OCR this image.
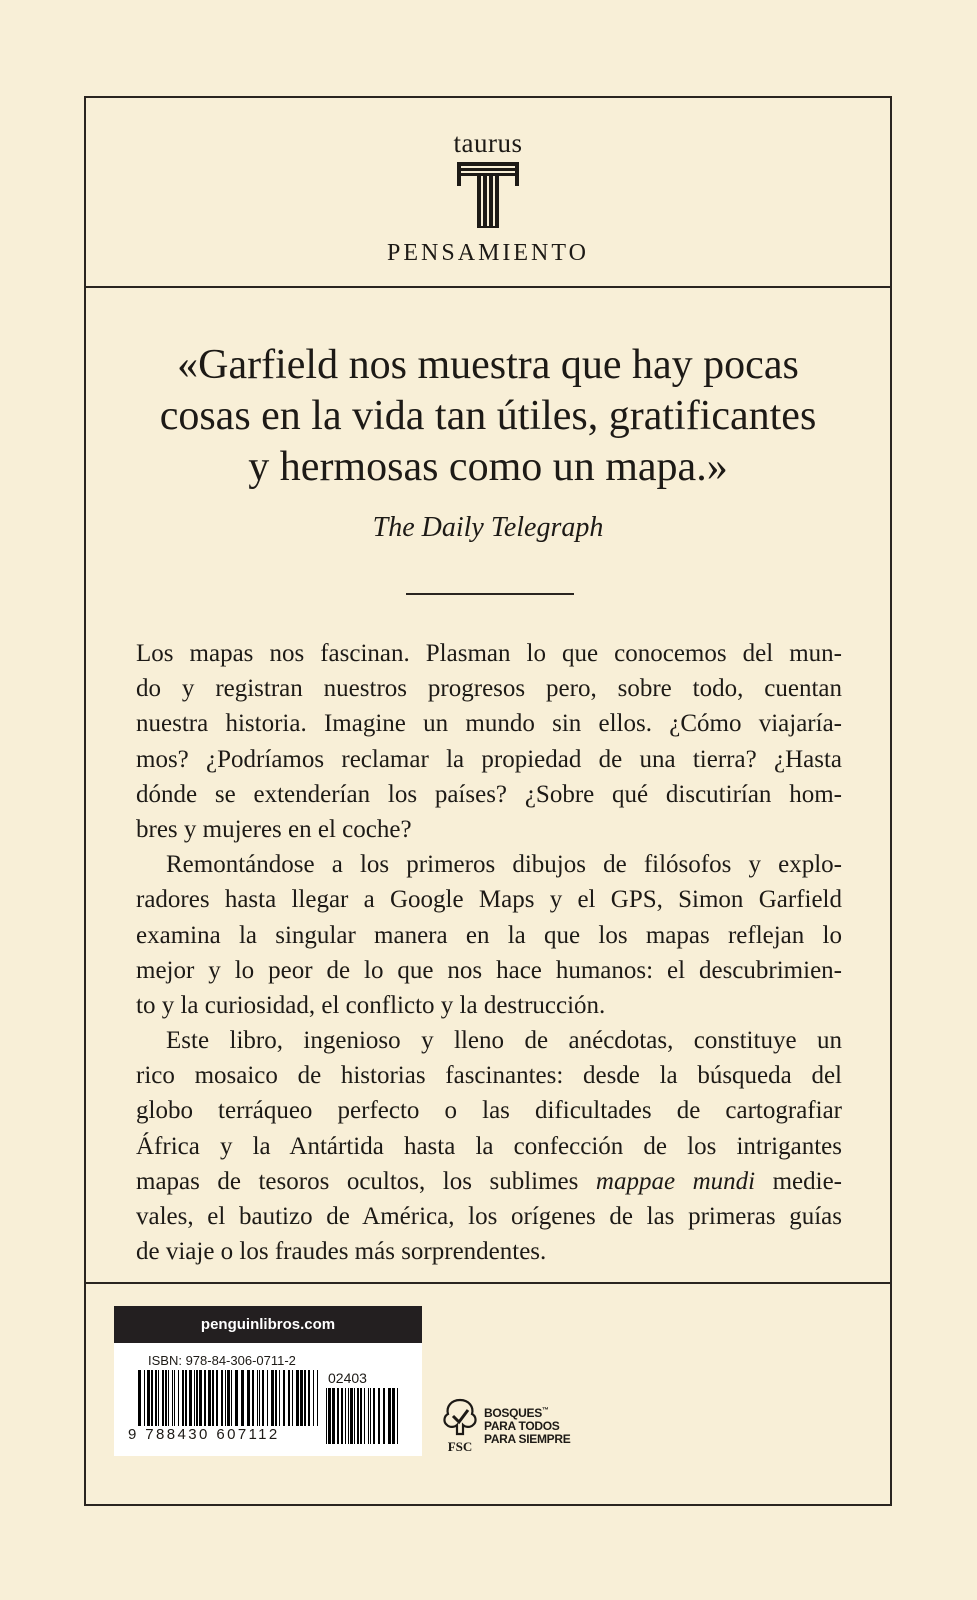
taurus
PENSAMIENTO
«Garfield nos muestra que hay pocas
cosas en la vida tan útiles, gratificantes
y hermosas como un mapa.»
The Daily Telegraph

Los mapas nos fascinan. Plasman lo que conocemos del mun-
do y registran nuestros progresos pero, sobre todo, cuentan
nuestra historia. Imagine un mundo sin ellos. ¿Cómo viajaría-
mos? ¿Podríamos reclamar la propiedad de una tierra? ¿Hasta
dónde se extenderían los países? ¿Sobre qué discutirían hom-
bres y mujeres en el coche?

Remontándose a los primeros dibujos de filósofos y explo-
radores hasta llegar a Google Maps y el GPS, Simon Garfield
examina la singular manera en la que los mapas reflejan lo
mejor y lo peor de lo que nos hace humanos: el descubrimien-
to y la curiosidad, el conflicto y la destrucción.

Este libro, ingenioso y lleno de anécdotas, constituye un
rico mosaico de historias fascinantes: desde la búsqueda del
globo terráqueo perfecto o las dificultades de cartografiar
África y la Antártida hasta la confección de los intrigantes
mapas de tesoros ocultos, los sublimes mappae mundi medie-
vales, el bautizo de América, los orígenes de las primeras guías
de viaje o los fraudes más sorprendentes.

penguinlibros.com
ISBN: 978-84-306-0711-2
02403
9 788430 607112
FSC
BOSQUES™
PARA TODOS
PARA SIEMPRE
